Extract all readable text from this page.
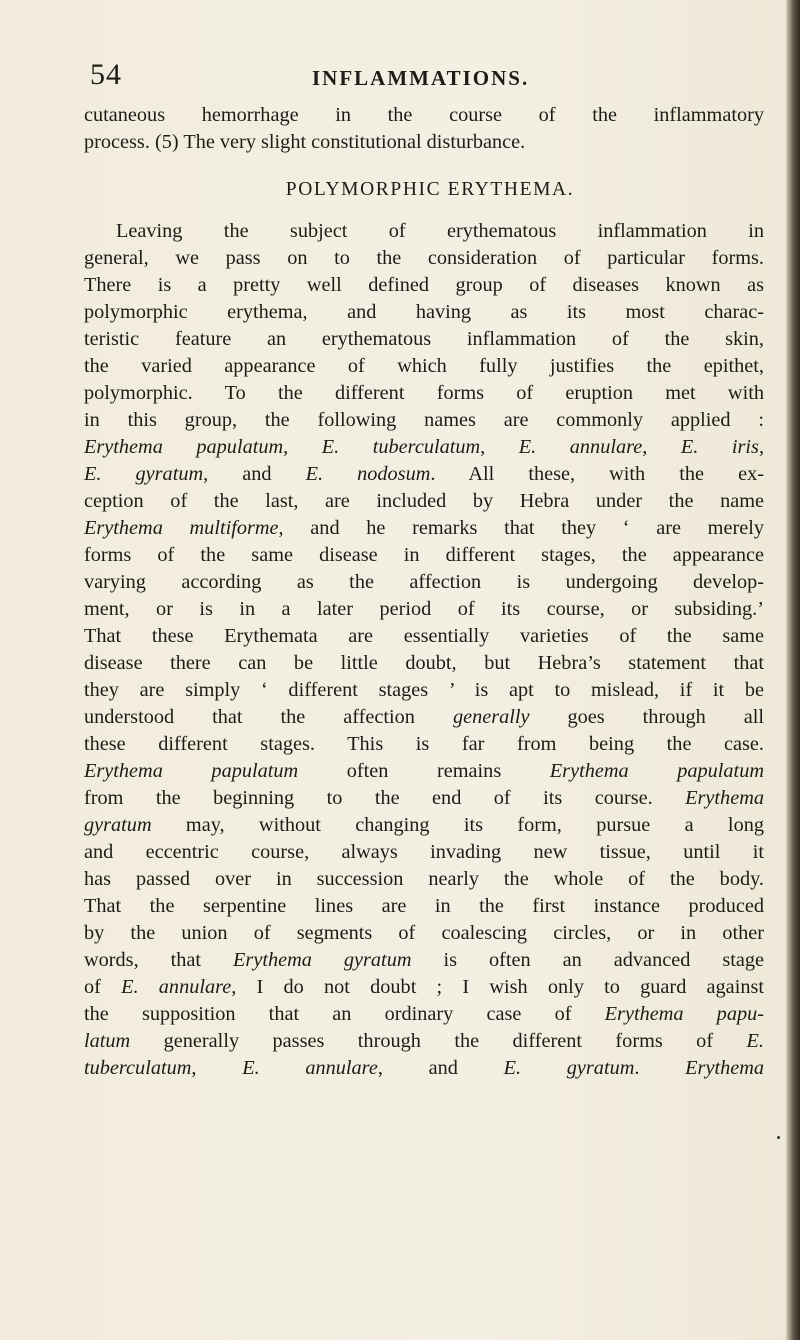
54	INFLAMMATIONS.
cutaneous hemorrhage in the course of the inflammatory
process. (5) The very slight constitutional disturbance.
POLYMORPHIC ERYTHEMA.
Leaving the subject of erythematous inflammation in
general, we pass on to the consideration of particular forms.
There is a pretty well defined group of diseases known as
polymorphic erythema, and having as its most charac-
teristic feature an erythematous inflammation of the skin,
the varied appearance of which fully justifies the epithet,
polymorphic. To the different forms of eruption met with
in this group, the following names are commonly applied :
Erythema papulatum, E. tuberculatum, E. annulare, E. iris,
E. gyratum, and E. nodosum. All these, with the ex-
ception of the last, are included by Hebra under the name
Erythema multiforme, and he remarks that they ‘ are merely
forms of the same disease in different stages, the appearance
varying according as the affection is undergoing develop-
ment, or is in a later period of its course, or subsiding.’
That these Erythemata are essentially varieties of the same
disease there can be little doubt, but Hebra’s statement that
they are simply ‘ different stages ’ is apt to mislead, if it be
understood that the affection generally goes through all
these different stages. This is far from being the case.
Erythema papulatum often remains Erythema papulatum
from the beginning to the end of its course. Erythema
gyratum may, without changing its form, pursue a long
and eccentric course, always invading new tissue, until it
has passed over in succession nearly the whole of the body.
That the serpentine lines are in the first instance produced
by the union of segments of coalescing circles, or in other
words, that Erythema gyratum is often an advanced stage
of E. annulare, I do not doubt ; I wish only to guard against
the supposition that an ordinary case of Erythema papu-
latum generally passes through the different forms of E.
tuberculatum, E. annulare, and E. gyratum. Erythema
